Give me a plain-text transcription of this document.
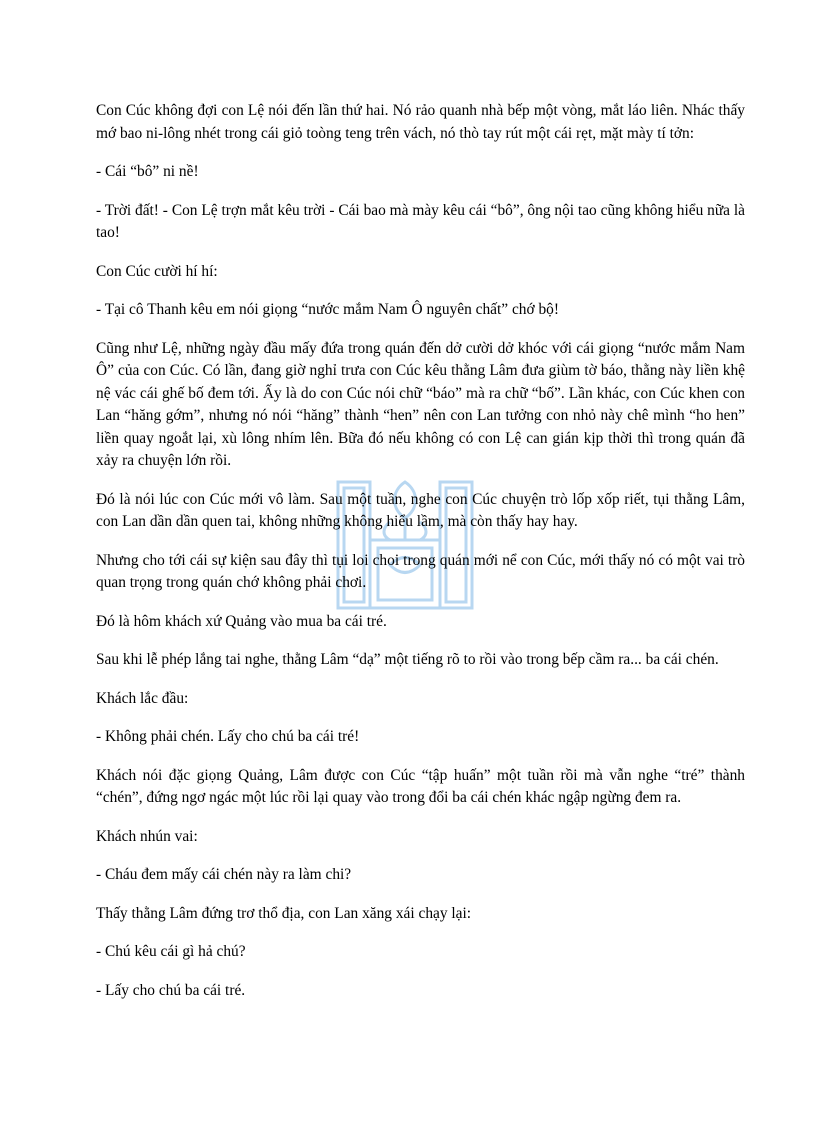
Con Cúc không đợi con Lệ nói đến lần thứ hai. Nó rảo quanh nhà bếp một vòng, mắt láo liên. Nhác thấy mớ bao ni-lông nhét trong cái giỏ toòng teng trên vách, nó thò tay rút một cái rẹt, mặt mày tí tởn:

- Cái “bô” ni nề!

- Trời đất! - Con Lệ trợn mắt kêu trời - Cái bao mà mày kêu cái “bô”, ông nội tao cũng không hiểu nữa là tao!

Con Cúc cười hí hí:

- Tại cô Thanh kêu em nói giọng “nước mắm Nam Ô nguyên chất” chớ bộ!

Cũng như Lệ, những ngày đầu mấy đứa trong quán đến dở cười dở khóc với cái giọng “nước mắm Nam Ô” của con Cúc. Có lần, đang giờ nghỉ trưa con Cúc kêu thằng Lâm đưa giùm tờ báo, thằng này liền khệ nệ vác cái ghế bố đem tới. Ấy là do con Cúc nói chữ “báo” mà ra chữ “bố”. Lần khác, con Cúc khen con Lan “hăng gớm”, nhưng nó nói “hăng” thành “hen” nên con Lan tưởng con nhỏ này chê mình “ho hen” liền quay ngoắt lại, xù lông nhím lên. Bữa đó nếu không có con Lệ can gián kịp thời thì trong quán đã xảy ra chuyện lớn rồi.

Đó là nói lúc con Cúc mới vô làm. Sau một tuần, nghe con Cúc chuyện trò lốp xốp riết, tụi thằng Lâm, con Lan dần dần quen tai, không những không hiểu lầm, mà còn thấy hay hay.

Nhưng cho tới cái sự kiện sau đây thì tụi loi choi trong quán mới nể con Cúc, mới thấy nó có một vai trò quan trọng trong quán chớ không phải chơi.

Đó là hôm khách xứ Quảng vào mua ba cái tré.

Sau khi lễ phép lắng tai nghe, thằng Lâm “dạ” một tiếng rõ to rồi vào trong bếp cầm ra... ba cái chén.

Khách lắc đầu:

- Không phải chén. Lấy cho chú ba cái tré!

Khách nói đặc giọng Quảng, Lâm được con Cúc “tập huấn” một tuần rồi mà vẫn nghe “tré” thành “chén”, đứng ngơ ngác một lúc rồi lại quay vào trong đổi ba cái chén khác ngập ngừng đem ra.

Khách nhún vai:

- Cháu đem mấy cái chén này ra làm chi?

Thấy thằng Lâm đứng trơ thổ địa, con Lan xăng xái chạy lại:

- Chú kêu cái gì hả chú?

- Lấy cho chú ba cái tré.
